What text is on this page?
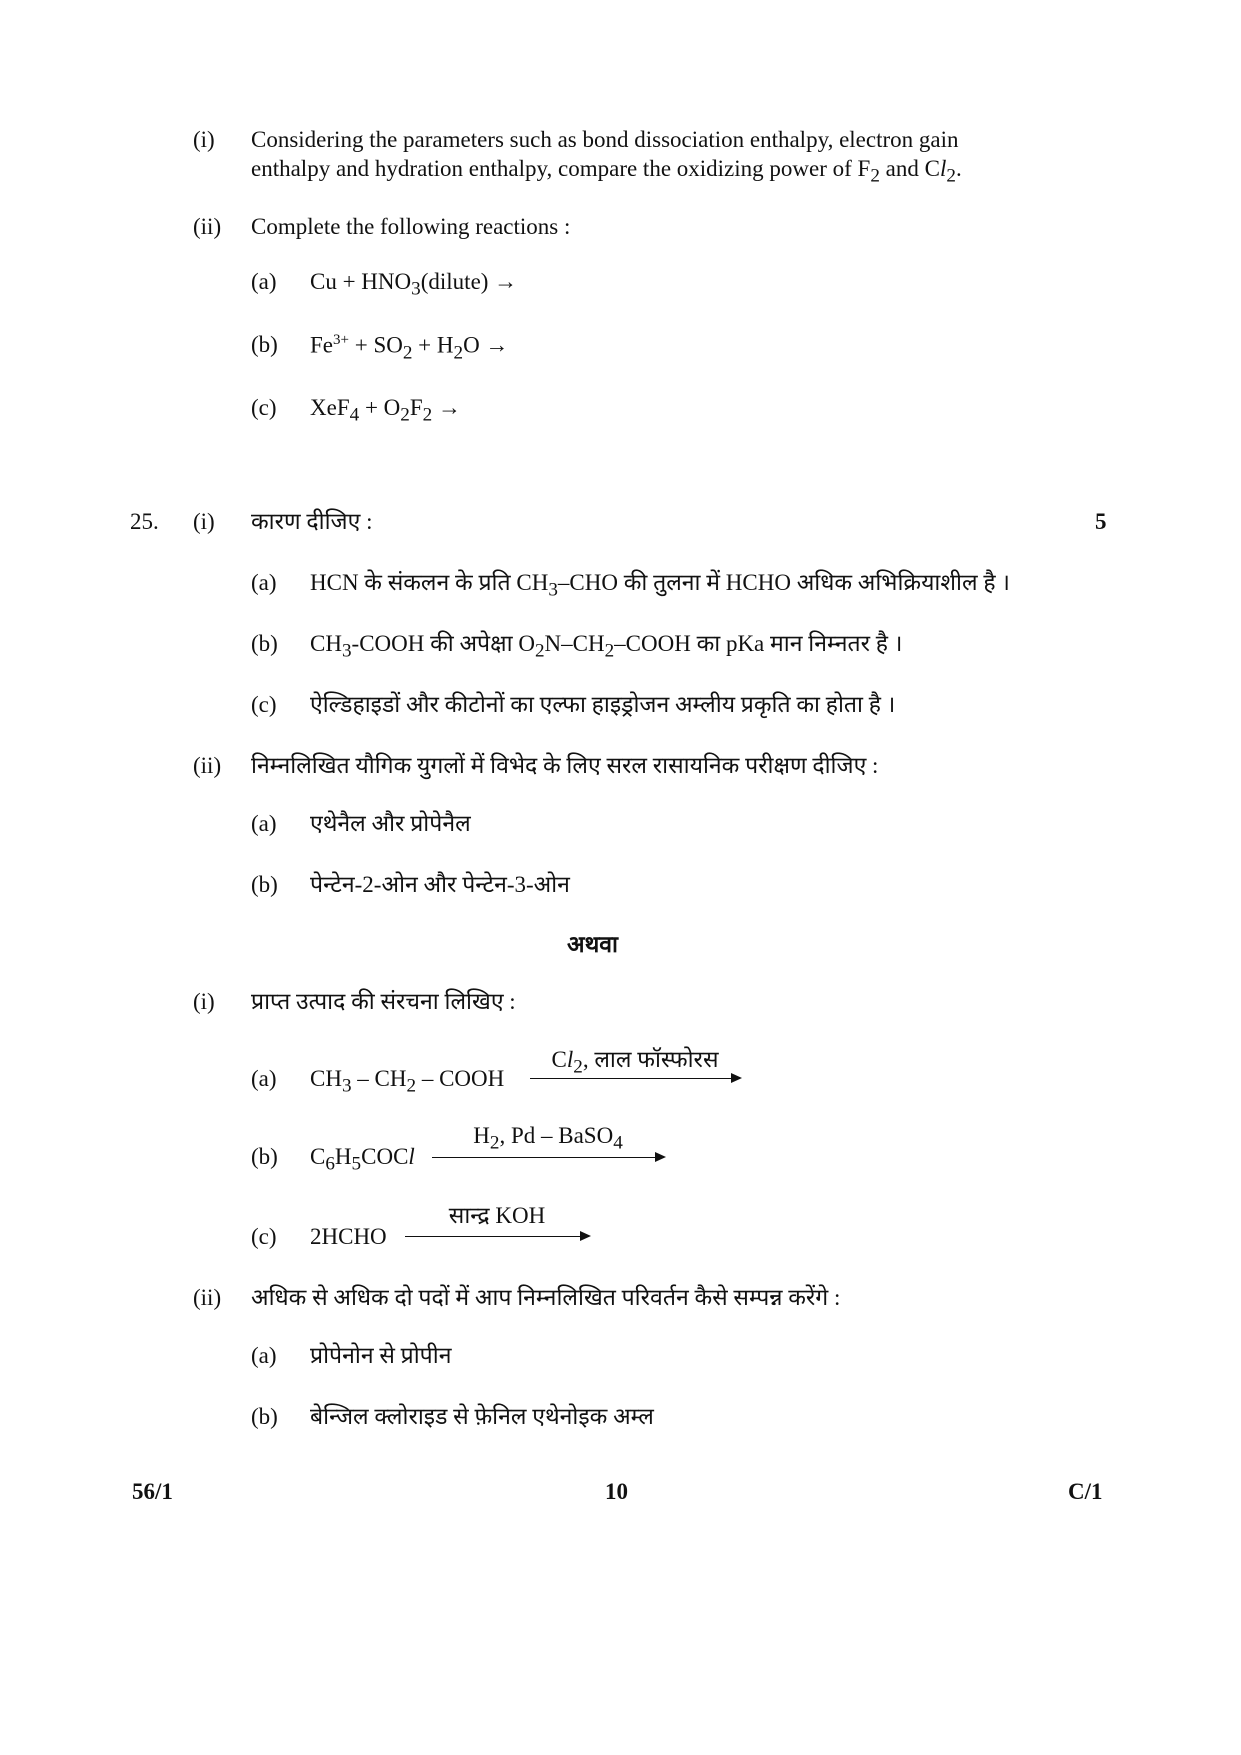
(i) Considering the parameters such as bond dissociation enthalpy, electron gain
enthalpy and hydration enthalpy, compare the oxidizing power of $F_2$ and $Cl_2$.
(ii) Complete the following reactions :
(a) $Cu + HNO_3(dilute)$ →
(b) $Fe^{3+} + SO_2 + H_2O$ →
(c) $XeF_4 + O_2F_2$ →
25. (i) कारण दीजिए :	5
(a) HCN के संकलन के प्रति $CH_3$–CHO की तुलना में HCHO अधिक अभिक्रियाशील है ।
(b) $CH_3$-COOH की अपेक्षा $O_2N-CH_2$–COOH का pKa मान निम्नतर है ।
(c) ऐल्डिहाइडों और कीटोनों का एल्फा हाइड्रोजन अम्लीय प्रकृति का होता है ।
(ii) निम्नलिखित यौगिक युगलों में विभेद के लिए सरल रासायनिक परीक्षण दीजिए :
(a) एथेनैल और प्रोपेनैल
(b) पेन्टेन-2-ओन और पेन्टेन-3-ओन
अथवा
(i) प्राप्त उत्पाद की संरचना लिखिए :
(a) $CH_3 - CH_2$ – COOH
$Cl_2$, लाल फॉस्फोरस
(b) $C_6H_5COCl$
$H_2$, Pd – BaSO$_4$
(c) 2HCHO
सान्द्र KOH
(ii) अधिक से अधिक दो पदों में आप निम्नलिखित परिवर्तन कैसे सम्पन्न करेंगे :
(a) प्रोपेनोन से प्रोपीन
(b) बेन्जिल क्लोराइड से फ़ेनिल एथेनोइक अम्ल
56/1	10	C/1
